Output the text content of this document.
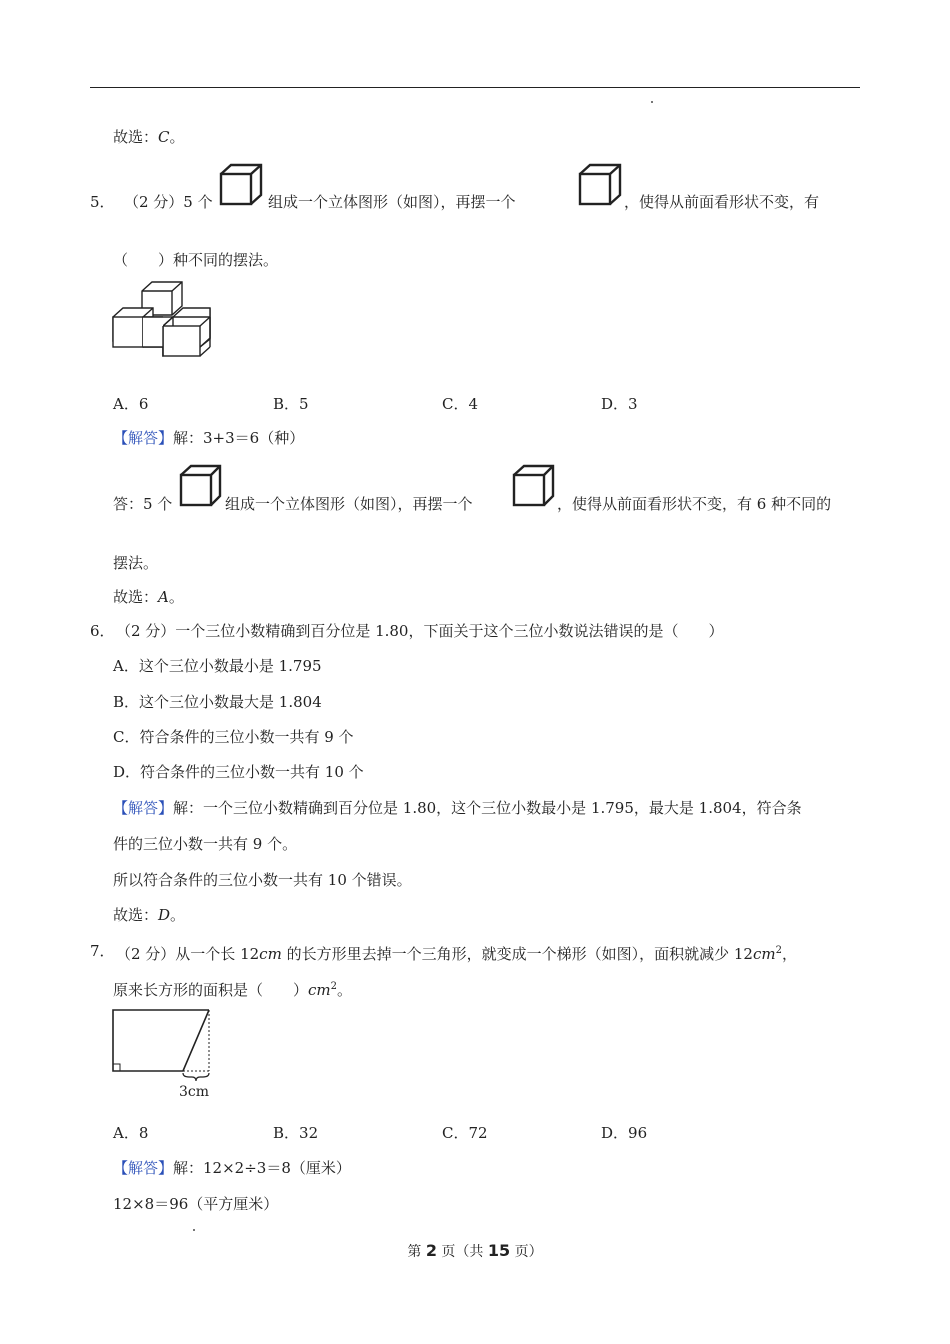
故选：C。
5． （2 分）5 个	组成一个立体图形（如图），再摆一个	，使得从前面看形状不变，有
（　　）种不同的摆法。
A．6	B．5	C．4	D．3
【解答】解：3+3＝6（种）
答：5 个	组成一个立体图形（如图），再摆一个	，使得从前面看形状不变，有 6 种不同的
摆法。
故选：A。
6． （2 分）一个三位小数精确到百分位是 1.80，下面关于这个三位小数说法错误的是（　　）
A．这个三位小数最小是 1.795
B．这个三位小数最大是 1.804
C．符合条件的三位小数一共有 9 个
D．符合条件的三位小数一共有 10 个
【解答】解：一个三位小数精确到百分位是 1.80，这个三位小数最小是 1.795，最大是 1.804，符合条
件的三位小数一共有 9 个。
所以符合条件的三位小数一共有 10 个错误。
故选：D。
7． （2 分）从一个长 12cm 的长方形里去掉一个三角形，就变成一个梯形（如图），面积就减少 $12cm^2$，
原来长方形的面积是（　　）$cm^2$。
3cm
A．8	B．32	C．72	D．96
【解答】解：12×2÷3＝8（厘米）
12×8＝96（平方厘米）
第 2 页（共 15 页）
